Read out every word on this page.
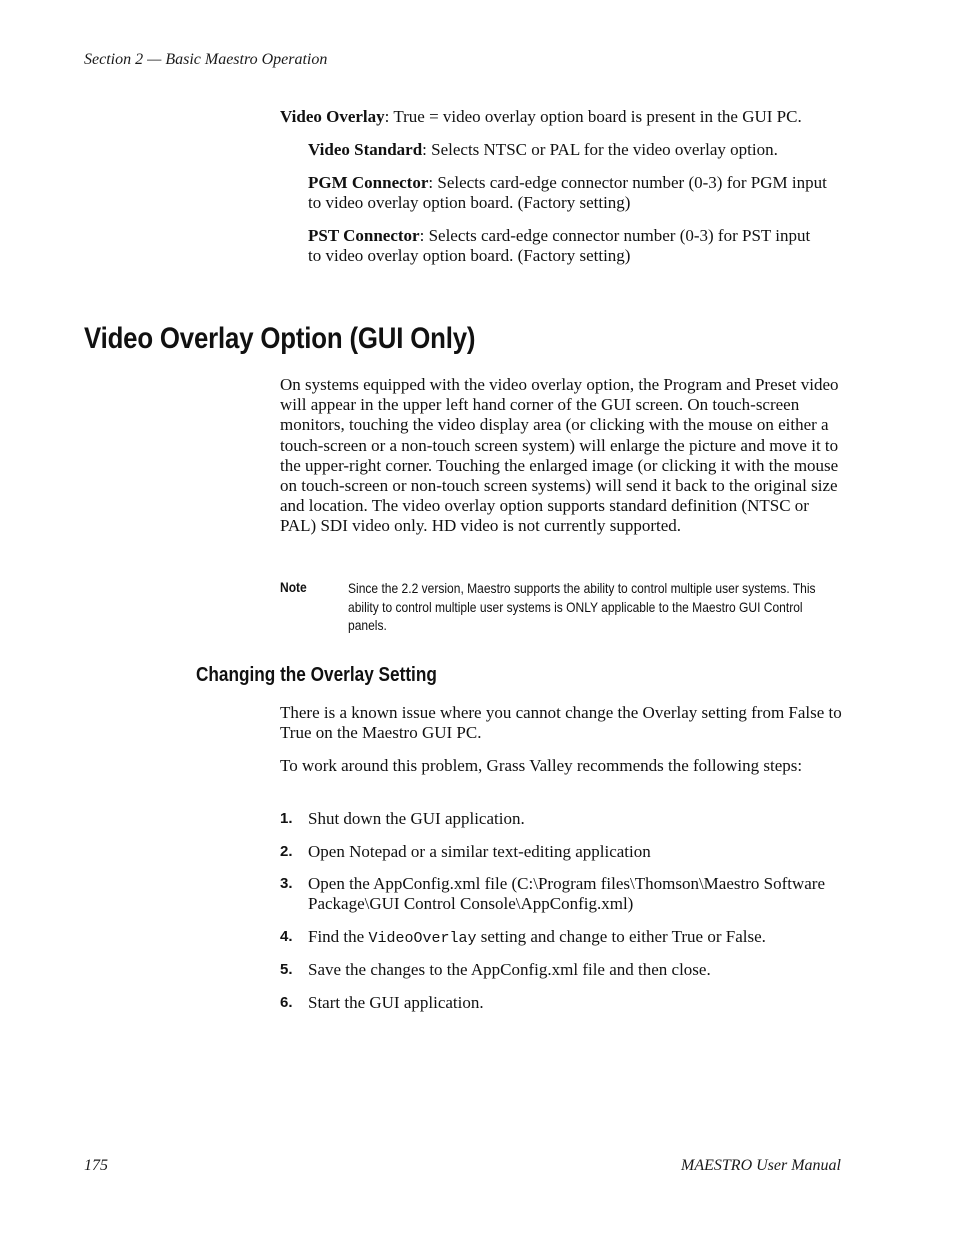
Section 2 — Basic Maestro Operation
Video Overlay: True = video overlay option board is present in the GUI PC.
Video Standard: Selects NTSC or PAL for the video overlay option.
PGM Connector: Selects card-edge connector number (0-3) for PGM input to video overlay option board. (Factory setting)
PST Connector: Selects card-edge connector number (0-3) for PST input to video overlay option board. (Factory setting)
Video Overlay Option (GUI Only)
On systems equipped with the video overlay option, the Program and Preset video will appear in the upper left hand corner of the GUI screen. On touch-screen monitors, touching the video display area (or clicking with the mouse on either a touch-screen or a non-touch screen system) will enlarge the picture and move it to the upper-right corner. Touching the enlarged image (or clicking it with the mouse on touch-screen or non-touch screen systems) will send it back to the original size and location. The video overlay option supports standard definition (NTSC or PAL) SDI video only. HD video is not currently supported.
Note	Since the 2.2 version, Maestro supports the ability to control multiple user systems. This ability to control multiple user systems is ONLY applicable to the Maestro GUI Control panels.
Changing the Overlay Setting
There is a known issue where you cannot change the Overlay setting from False to True on the Maestro GUI PC.
To work around this problem, Grass Valley recommends the following steps:
1. Shut down the GUI application.
2. Open Notepad or a similar text-editing application
3. Open the AppConfig.xml file (C:\Program files\Thomson\Maestro Software Package\GUI Control Console\AppConfig.xml)
4. Find the VideoOverlay setting and change to either True or False.
5. Save the changes to the AppConfig.xml file and then close.
6. Start the GUI application.
175	MAESTRO User Manual
